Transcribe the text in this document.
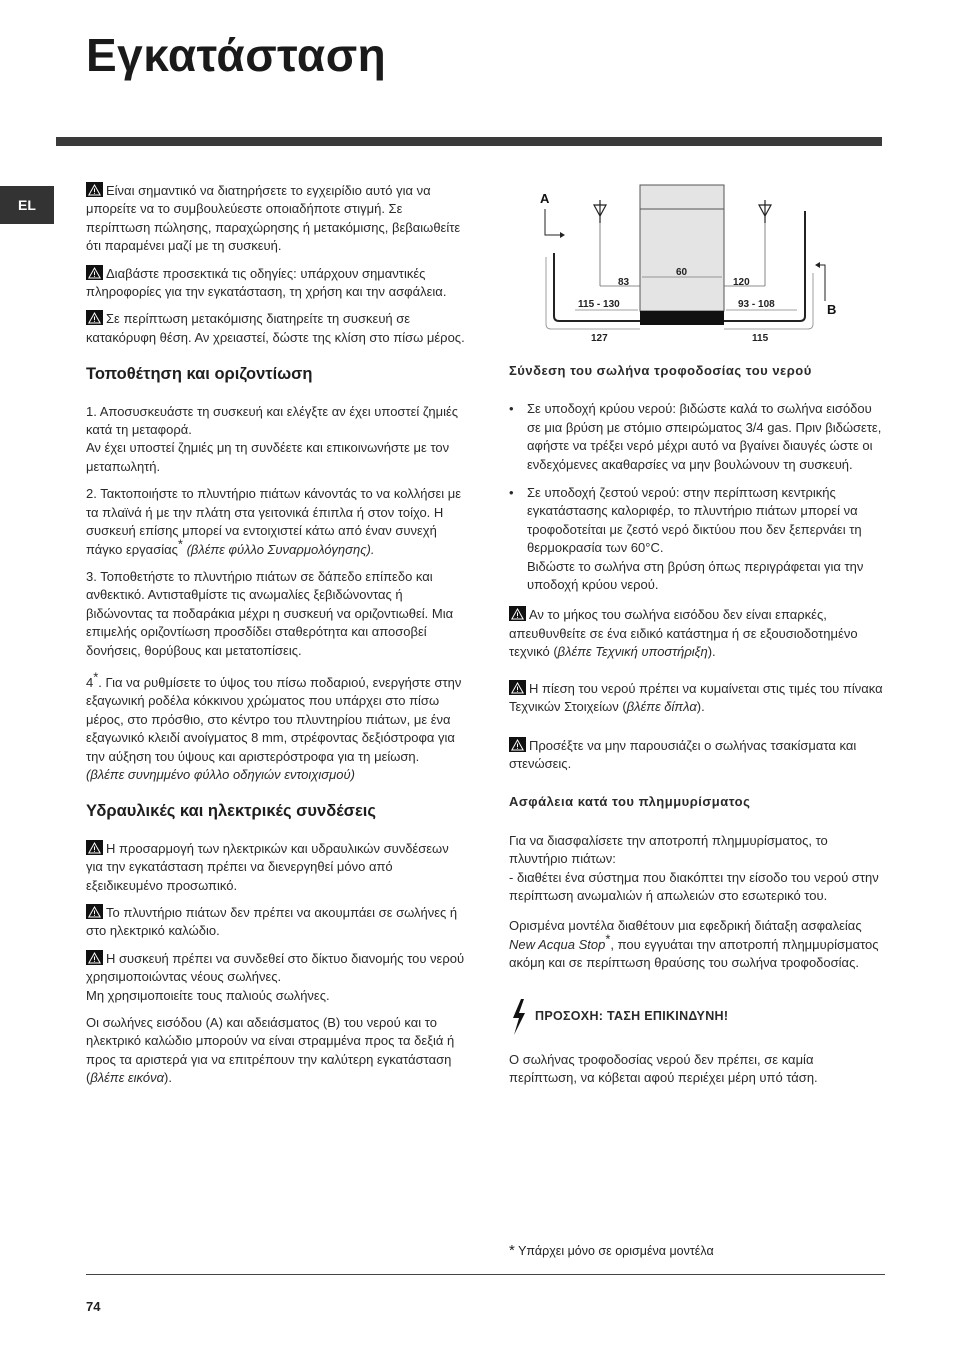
Εγκατάσταση
EL

Είναι σημαντικό να διατηρήσετε το εγχειρίδιο αυτό για να μπορείτε να το συμβουλεύεστε οποιαδήποτε στιγμή. Σε περίπτωση πώλησης, παραχώρησης ή μετακόμισης, βεβαιωθείτε ότι παραμένει μαζί με τη συσκευή.

Διαβάστε προσεκτικά τις οδηγίες: υπάρχουν σημαντικές πληροφορίες για την εγκατάσταση, τη χρήση και την ασφάλεια.

Σε περίπτωση μετακόμισης διατηρείτε τη συσκευή σε κατακόρυφη θέση. Αν χρειαστεί, δώστε της κλίση στο πίσω μέρος.

Τοποθέτηση και οριζοντίωση

1. Αποσυσκευάστε τη συσκευή και ελέγξτε αν έχει υποστεί ζημιές κατά τη μεταφορά.
Αν έχει υποστεί ζημιές μη τη συνδέετε και επικοινωνήστε με τον μεταπωλητή.

2. Τακτοποιήστε το πλυντήριο πιάτων κάνοντάς το να κολλήσει με τα πλαϊνά ή με την πλάτη στα γειτονικά έπιπλα ή στον τοίχο. Η συσκευή επίσης μπορεί να εντοιχιστεί κάτω από έναν συνεχή πάγκο εργασίας* (βλέπε φύλλο Συναρμολόγησης).

3. Τοποθετήστε το πλυντήριο πιάτων σε δάπεδο επίπεδο και ανθεκτικό. Αντισταθμίστε τις ανωμαλίες ξεβιδώνοντας ή βιδώνοντας τα ποδαράκια μέχρι η συσκευή να οριζοντιωθεί. Μια επιμελής οριζοντίωση προσδίδει σταθερότητα και αποσοβεί δονήσεις, θορύβους και μετατοπίσεις.

4*. Για να ρυθμίσετε το ύψος του πίσω ποδαριού, ενεργήστε στην εξαγωνική ροδέλα κόκκινου χρώματος που υπάρχει στο πίσω μέρος, στο πρόσθιο, στο κέντρο του πλυντηρίου πιάτων, με ένα εξαγωνικό κλειδί ανοίγματος 8 mm, στρέφοντας δεξιόστροφα για την αύξηση του ύψους και αριστερόστροφα για τη μείωση.
(βλέπε συνημμένο φύλλο οδηγιών εντοιχισμού)

Υδραυλικές και ηλεκτρικές συνδέσεις

Η προσαρμογή των ηλεκτρικών και υδραυλικών συνδέσεων για την εγκατάσταση πρέπει να διενεργηθεί μόνο από εξειδικευμένο προσωπικό.

Το πλυντήριο πιάτων δεν πρέπει να ακουμπάει σε σωλήνες ή στο ηλεκτρικό καλώδιο.

Η συσκευή πρέπει να συνδεθεί στο δίκτυο διανομής του νερού χρησιμοποιώντας νέους σωλήνες.
Μη χρησιμοποιείτε τους παλιούς σωλήνες.

Οι σωλήνες εισόδου (A) και αδειάσματος (B) του νερού και το ηλεκτρικό καλώδιο μπορούν να είναι στραμμένα προς τα δεξιά ή προς τα αριστερά για να επιτρέπουν την καλύτερη εγκατάσταση (βλέπε εικόνα).

A
B
60
83	120
115 - 130	93 - 108
127	115
Σύνδεση του σωλήνα τροφοδοσίας του νερού
• Σε υποδοχή κρύου νερού: βιδώστε καλά το σωλήνα εισόδου σε μια βρύση με στόμιο σπειρώματος 3/4 gas. Πριν βιδώσετε, αφήστε να τρέξει νερό μέχρι αυτό να βγαίνει διαυγές ώστε οι ενδεχόμενες ακαθαρσίες να μην βουλώνουν τη συσκευή.
• Σε υποδοχή ζεστού νερού: στην περίπτωση κεντρικής εγκατάστασης καλοριφέρ, το πλυντήριο πιάτων μπορεί να τροφοδοτείται με ζεστό νερό δικτύου που δεν ξεπερνάει τη θερμοκρασία των 60°C.
Βιδώστε το σωλήνα στη βρύση όπως περιγράφεται για την υποδοχή κρύου νερού.

Αν το μήκος του σωλήνα εισόδου δεν είναι επαρκές, απευθυνθείτε σε ένα ειδικό κατάστημα ή σε εξουσιοδοτημένο τεχνικό (βλέπε Τεχνική υποστήριξη).

Η πίεση του νερού πρέπει να κυμαίνεται στις τιμές του πίνακα Τεχνικών Στοιχείων (βλέπε δίπλα).

Προσέξτε να μην παρουσιάζει ο σωλήνας τσακίσματα και στενώσεις.

Ασφάλεια κατά του πλημμυρίσματος

Για να διασφαλίσετε την αποτροπή πλημμυρίσματος, το πλυντήριο πιάτων:
- διαθέτει ένα σύστημα που διακόπτει την είσοδο του νερού στην περίπτωση ανωμαλιών ή απωλειών στο εσωτερικό του.

Ορισμένα μοντέλα διαθέτουν μια εφεδρική διάταξη ασφαλείας New Acqua Stop*, που εγγυάται την αποτροπή πλημμυρίσματος ακόμη και σε περίπτωση θραύσης του σωλήνα τροφοδοσίας.

ΠΡΟΣΟΧΗ: ΤΑΣΗ ΕΠΙΚΙΝΔΥΝΗ!

Ο σωλήνας τροφοδοσίας νερού δεν πρέπει, σε καμία περίπτωση, να κόβεται αφού περιέχει μέρη υπό τάση.

* Υπάρχει μόνο σε ορισμένα μοντέλα
74
